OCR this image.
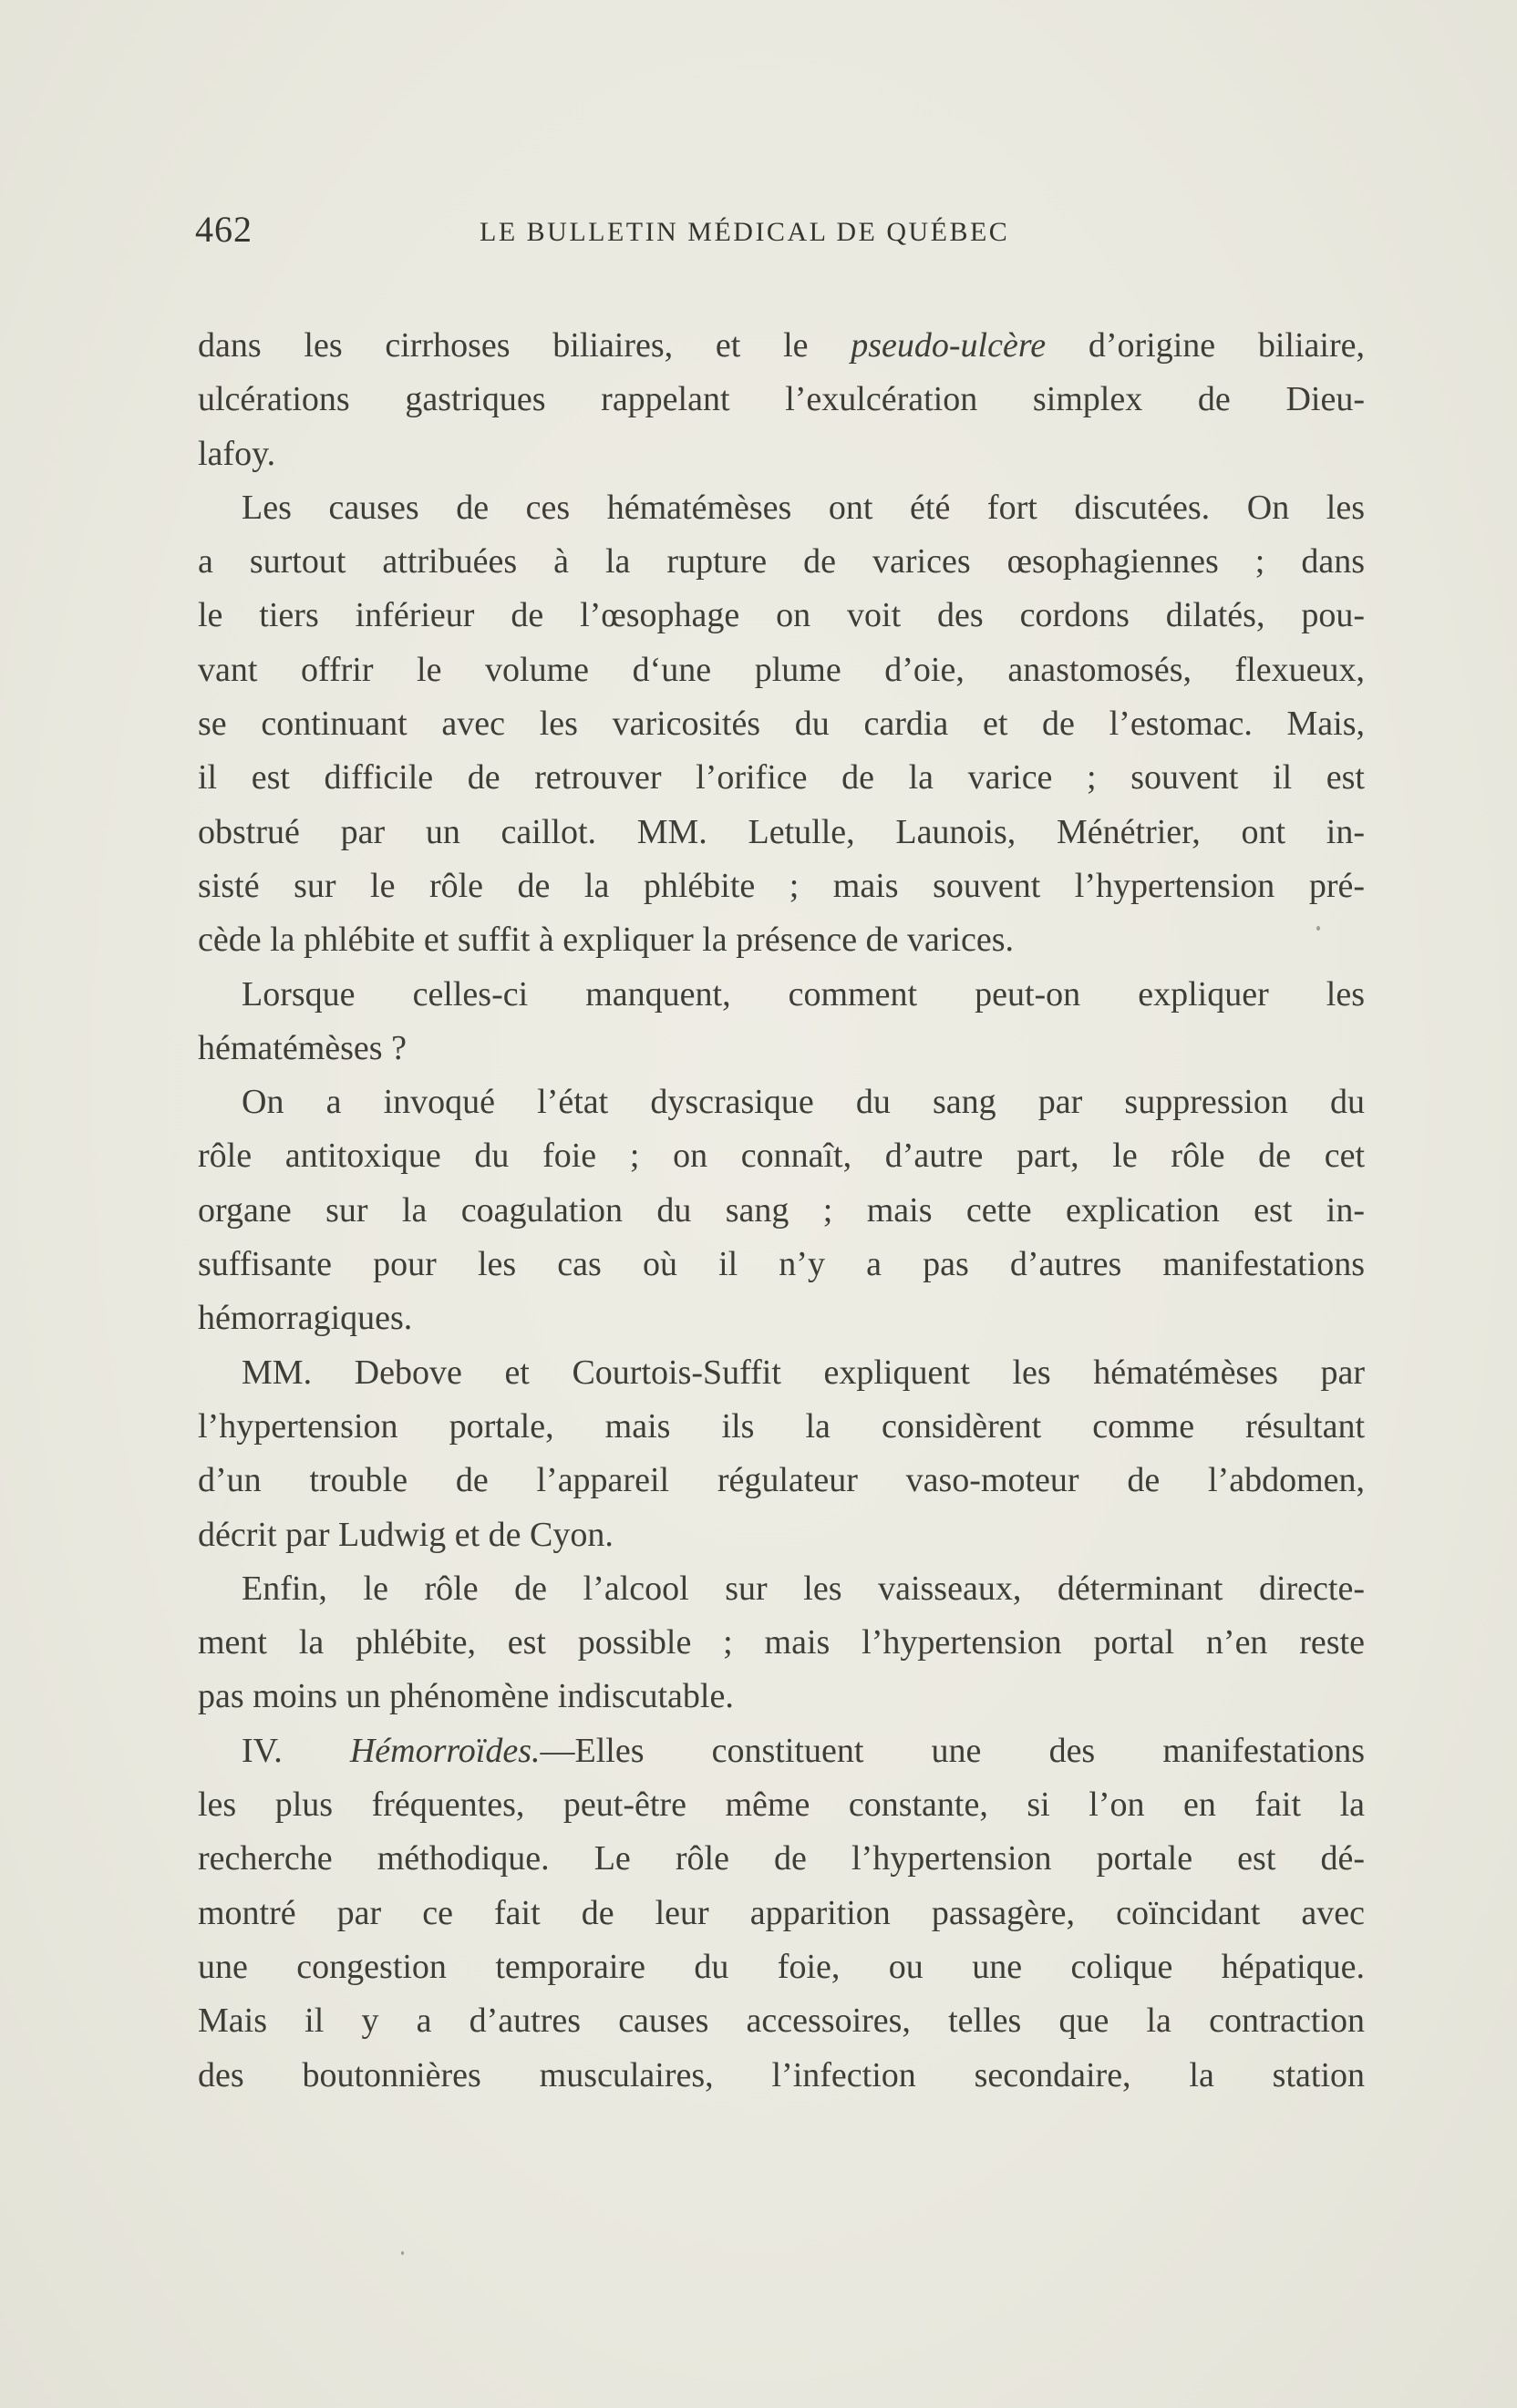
462	LE BULLETIN MÉDICAL DE QUÉBEC
dans les cirrhoses biliaires, et le pseudo-ulcère d’origine biliaire,
ulcérations gastriques rappelant l’exulcération simplex de Dieu-
lafoy.
Les causes de ces hématémèses ont été fort discutées. On les
a surtout attribuées à la rupture de varices œsophagiennes ; dans
le tiers inférieur de l’œsophage on voit des cordons dilatés, pou-
vant offrir le volume d‘une plume d’oie, anastomosés, flexueux,
se continuant avec les varicosités du cardia et de l’estomac. Mais,
il est difficile de retrouver l’orifice de la varice ; souvent il est
obstrué par un caillot. MM. Letulle, Launois, Ménétrier, ont in-
sisté sur le rôle de la phlébite ; mais souvent l’hypertension pré-
cède la phlébite et suffit à expliquer la présence de varices.
Lorsque celles-ci manquent, comment peut-on expliquer les
hématémèses ?
On a invoqué l’état dyscrasique du sang par suppression du
rôle antitoxique du foie ; on connaît, d’autre part, le rôle de cet
organe sur la coagulation du sang ; mais cette explication est in-
suffisante pour les cas où il n’y a pas d’autres manifestations
hémorragiques.
MM. Debove et Courtois-Suffit expliquent les hématémèses par
l’hypertension portale, mais ils la considèrent comme résultant
d’un trouble de l’appareil régulateur vaso-moteur de l’abdomen,
décrit par Ludwig et de Cyon.
Enfin, le rôle de l’alcool sur les vaisseaux, déterminant directe-
ment la phlébite, est possible ; mais l’hypertension portal n’en reste
pas moins un phénomène indiscutable.
IV. Hémorroïdes.—Elles constituent une des manifestations
les plus fréquentes, peut-être même constante, si l’on en fait la
recherche méthodique. Le rôle de l’hypertension portale est dé-
montré par ce fait de leur apparition passagère, coïncidant avec
une congestion temporaire du foie, ou une colique hépatique.
Mais il y a d’autres causes accessoires, telles que la contraction
des boutonnières musculaires, l’infection secondaire, la station
